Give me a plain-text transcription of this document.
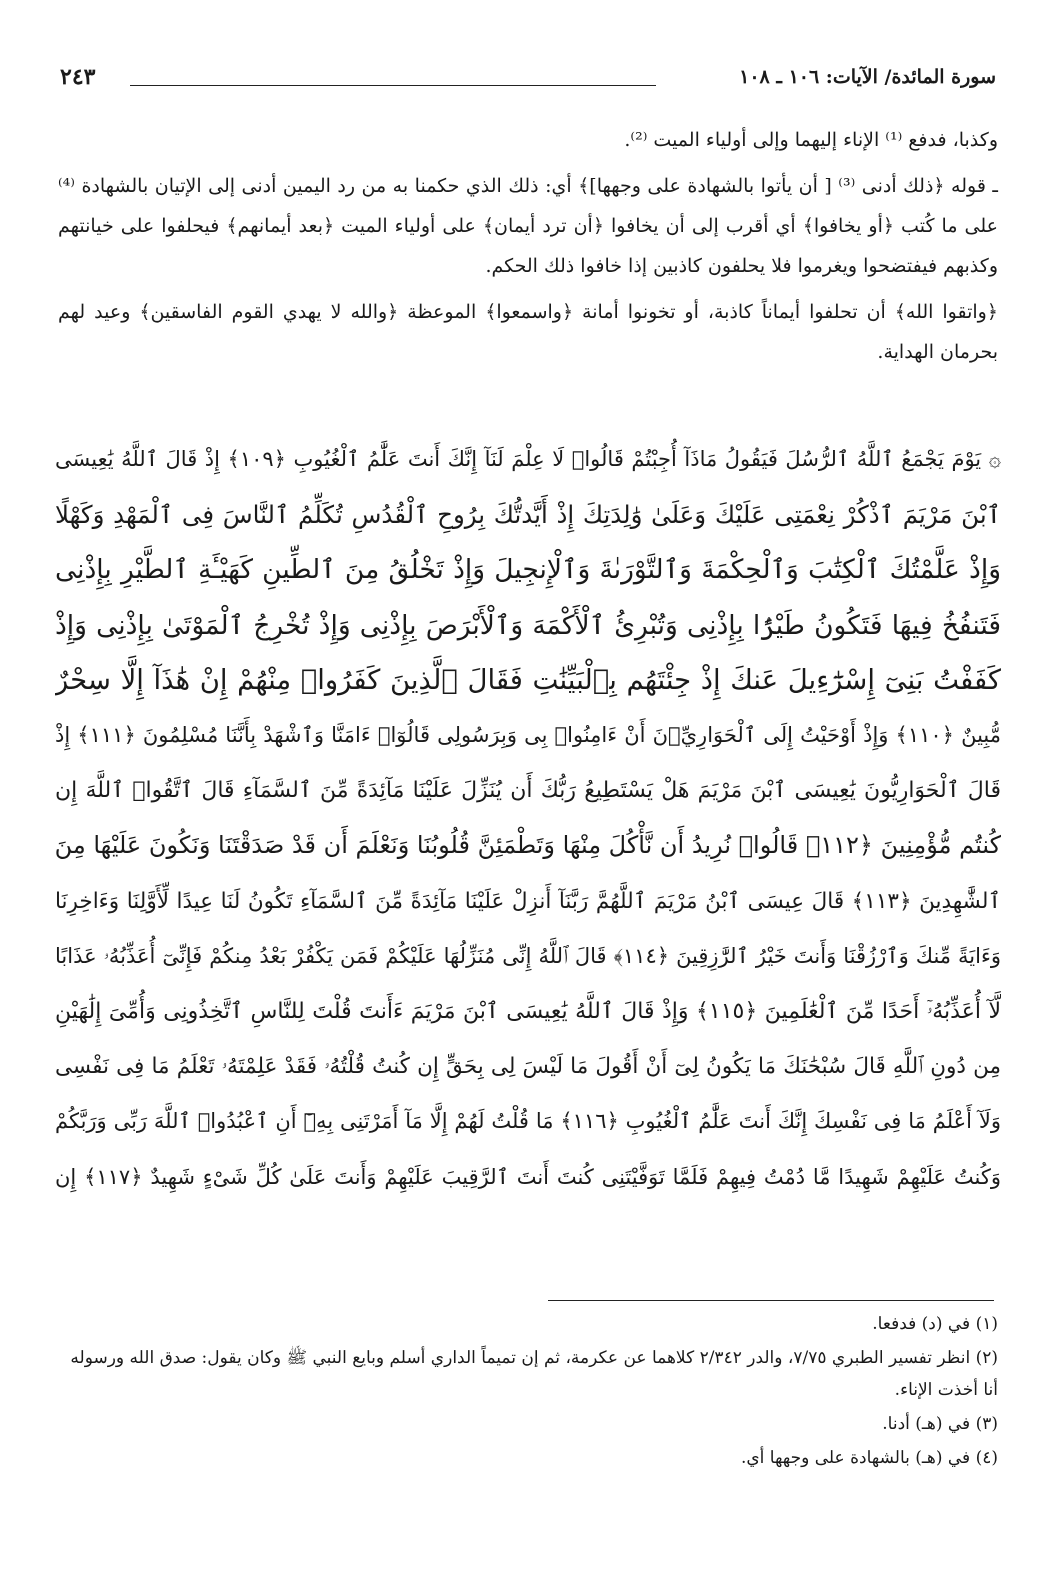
سورة المائدة/ الآيات: ١٠٦ ـ ١٠٨
٢٤٣

وكذبا، فدفع ⁽¹⁾ الإناء إليهما وإلى أولياء الميت ⁽²⁾.

ـ قوله ﴿ذلك أدنى ⁽³⁾ [ أن يأتوا بالشهادة على وجهها]﴾ أي: ذلك الذي حكمنا به من رد اليمين أدنى إلى الإتيان بالشهادة ⁽⁴⁾ على ما كُتب ﴿أو يخافوا﴾ أي أقرب إلى أن يخافوا ﴿أن ترد أيمان﴾ على أولياء الميت ﴿بعد أيمانهم﴾ فيحلفوا على خيانتهم وكذبهم فيفتضحوا ويغرموا فلا يحلفون كاذبين إذا خافوا ذلك الحكم.

﴿واتقوا الله﴾ أن تحلفوا أيماناً كاذبة، أو تخونوا أمانة ﴿واسمعوا﴾ الموعظة ﴿والله لا يهدي القوم الفاسقين﴾ وعيد لهم بحرمان الهداية.

۞ يَوْمَ يَجْمَعُ ٱللَّهُ ٱلرُّسُلَ فَيَقُولُ مَاذَآ أُجِبْتُمْ قَالُوا۟ لَا عِلْمَ لَنَآ إِنَّكَ أَنتَ عَلَّٰمُ ٱلْغُيُوبِ ﴿١٠٩﴾ إِذْ قَالَ ٱللَّهُ يَٰعِيسَى
ٱبْنَ مَرْيَمَ ٱذْكُرْ نِعْمَتِى عَلَيْكَ وَعَلَىٰ وَٰلِدَتِكَ إِذْ أَيَّدتُّكَ بِرُوحِ ٱلْقُدُسِ تُكَلِّمُ ٱلنَّاسَ فِى ٱلْمَهْدِ وَكَهْلًا
وَإِذْ عَلَّمْتُكَ ٱلْكِتَٰبَ وَٱلْحِكْمَةَ وَٱلتَّوْرَىٰةَ وَٱلْإِنجِيلَ وَإِذْ تَخْلُقُ مِنَ ٱلطِّينِ كَهَيْـَٔةِ ٱلطَّيْرِ بِإِذْنِى
فَتَنفُخُ فِيهَا فَتَكُونُ طَيْرًۢا بِإِذْنِى وَتُبْرِئُ ٱلْأَكْمَهَ وَٱلْأَبْرَصَ بِإِذْنِى وَإِذْ تُخْرِجُ ٱلْمَوْتَىٰ بِإِذْنِى وَإِذْ
كَفَفْتُ بَنِىٓ إِسْرَٰٓءِيلَ عَنكَ إِذْ جِئْتَهُم بِٱلْبَيِّنَٰتِ فَقَالَ ٱلَّذِينَ كَفَرُوا۟ مِنْهُمْ إِنْ هَٰذَآ إِلَّا سِحْرٌ
مُّبِينٌ ﴿١١٠﴾ وَإِذْ أَوْحَيْتُ إِلَى ٱلْحَوَارِيِّۦنَ أَنْ ءَامِنُوا۟ بِى وَبِرَسُولِى قَالُوٓا۟ ءَامَنَّا وَٱشْهَدْ بِأَنَّنَا مُسْلِمُونَ ﴿١١١﴾ إِذْ
قَالَ ٱلْحَوَارِيُّونَ يَٰعِيسَى ٱبْنَ مَرْيَمَ هَلْ يَسْتَطِيعُ رَبُّكَ أَن يُنَزِّلَ عَلَيْنَا مَآئِدَةً مِّنَ ٱلسَّمَآءِ قَالَ ٱتَّقُوا۟ ٱللَّهَ إِن
كُنتُم مُّؤْمِنِينَ ﴿١١٢﴾ قَالُوا۟ نُرِيدُ أَن نَّأْكُلَ مِنْهَا وَتَطْمَئِنَّ قُلُوبُنَا وَنَعْلَمَ أَن قَدْ صَدَقْتَنَا وَنَكُونَ عَلَيْهَا مِنَ
ٱلشَّٰهِدِينَ ﴿١١٣﴾ قَالَ عِيسَى ٱبْنُ مَرْيَمَ ٱللَّهُمَّ رَبَّنَآ أَنزِلْ عَلَيْنَا مَآئِدَةً مِّنَ ٱلسَّمَآءِ تَكُونُ لَنَا عِيدًا لِّأَوَّلِنَا وَءَاخِرِنَا
وَءَايَةً مِّنكَ وَٱرْزُقْنَا وَأَنتَ خَيْرُ ٱلرَّٰزِقِينَ ﴿١١٤﴾ قَالَ ٱللَّهُ إِنِّى مُنَزِّلُهَا عَلَيْكُمْ فَمَن يَكْفُرْ بَعْدُ مِنكُمْ فَإِنِّىٓ أُعَذِّبُهُۥ عَذَابًا
لَّآ أُعَذِّبُهُۥٓ أَحَدًا مِّنَ ٱلْعَٰلَمِينَ ﴿١١٥﴾ وَإِذْ قَالَ ٱللَّهُ يَٰعِيسَى ٱبْنَ مَرْيَمَ ءَأَنتَ قُلْتَ لِلنَّاسِ ٱتَّخِذُونِى وَأُمِّىَ إِلَٰهَيْنِ
مِن دُونِ ٱللَّهِ قَالَ سُبْحَٰنَكَ مَا يَكُونُ لِىٓ أَنْ أَقُولَ مَا لَيْسَ لِى بِحَقٍّ إِن كُنتُ قُلْتُهُۥ فَقَدْ عَلِمْتَهُۥ تَعْلَمُ مَا فِى نَفْسِى
وَلَآ أَعْلَمُ مَا فِى نَفْسِكَ إِنَّكَ أَنتَ عَلَّٰمُ ٱلْغُيُوبِ ﴿١١٦﴾ مَا قُلْتُ لَهُمْ إِلَّا مَآ أَمَرْتَنِى بِهِۦٓ أَنِ ٱعْبُدُوا۟ ٱللَّهَ رَبِّى وَرَبَّكُمْ
وَكُنتُ عَلَيْهِمْ شَهِيدًا مَّا دُمْتُ فِيهِمْ فَلَمَّا تَوَفَّيْتَنِى كُنتَ أَنتَ ٱلرَّقِيبَ عَلَيْهِمْ وَأَنتَ عَلَىٰ كُلِّ شَىْءٍ شَهِيدٌ ﴿١١٧﴾ إِن

(١) في (د) فدفعا.

(٢) انظر تفسير الطبري ٧/٧٥، والدر ٢/٣٤٢ كلاهما عن عكرمة، ثم إن تميماً الداري أسلم وبايع النبي ﷺ وكان يقول: صدق الله ورسوله أنا أخذت الإناء.

(٣) في (هـ) أدنا.

(٤) في (هـ) بالشهادة على وجهها أي.
